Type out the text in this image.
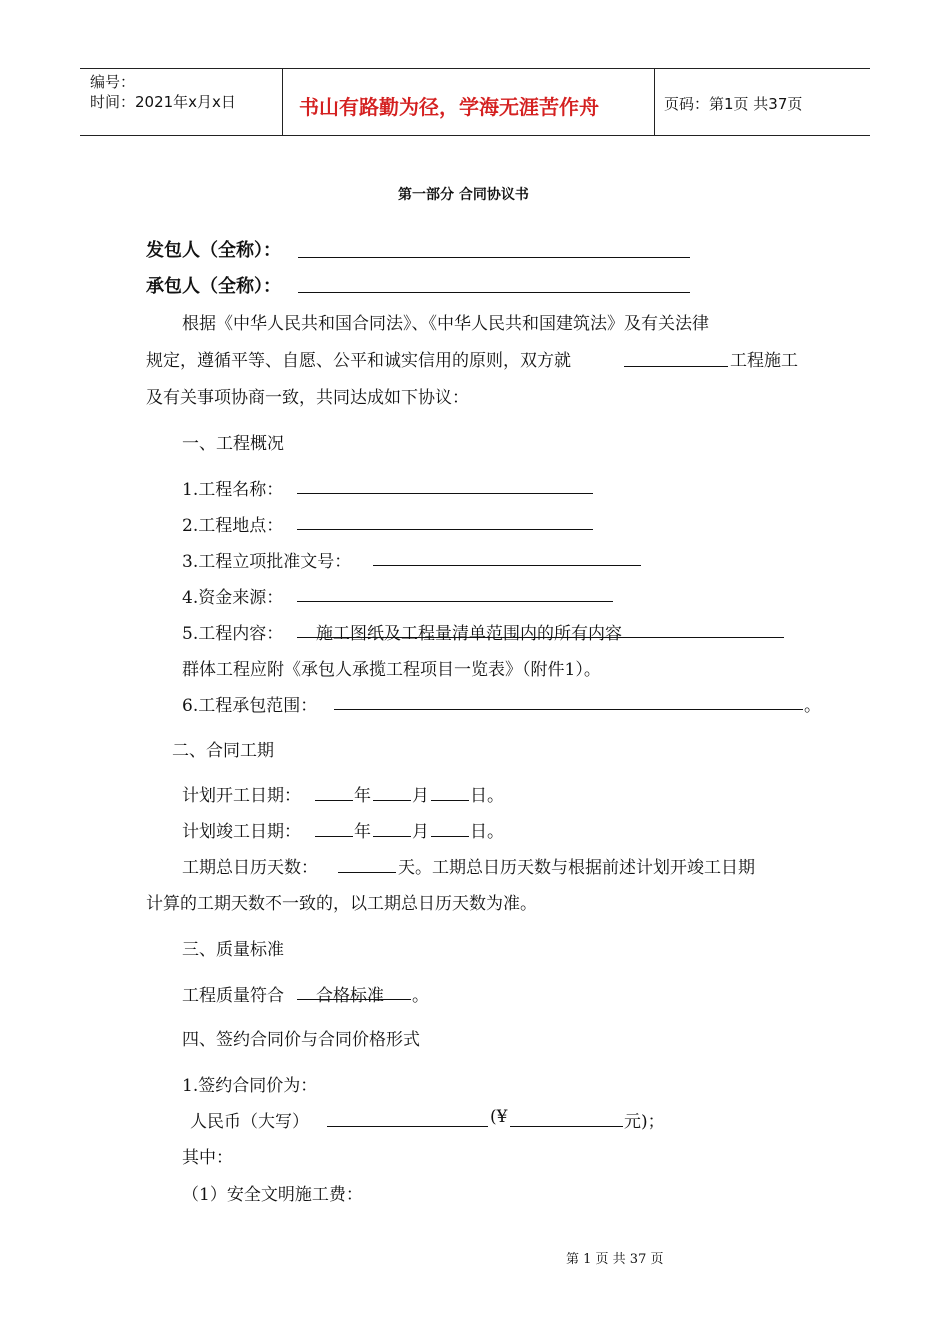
编号：
时间：2021年x月x日	书山有路勤为径，学海无涯苦作舟	页码：第1页 共37页
第一部分 合同协议书
发包人（全称）：
承包人（全称）：
根据《中华人民共和国合同法》、《中华人民共和国建筑法》及有关法律
规定，遵循平等、自愿、公平和诚实信用的原则，双方就	工程施工
及有关事项协商一致，共同达成如下协议：
一、工程概况
1.工程名称：
2.工程地点：
3.工程立项批准文号：
4.资金来源：
5.工程内容： 施工图纸及工程量清单范围内的所有内容
群体工程应附《承包人承揽工程项目一览表》（附件1）。
6.工程承包范围：	。
二、合同工期
计划开工日期：	年 月 日。
计划竣工日期：	年 月 日。
工期总日历天数：	天。工期总日历天数与根据前述计划开竣工日期
计算的工期天数不一致的，以工期总日历天数为准。
三、质量标准
工程质量符合 合格标准 。
四、签约合同价与合同价格形式
1.签约合同价为：
人民币（大写）	(¥	元)；
其中：
（1）安全文明施工费：
第 1 页 共 37 页
